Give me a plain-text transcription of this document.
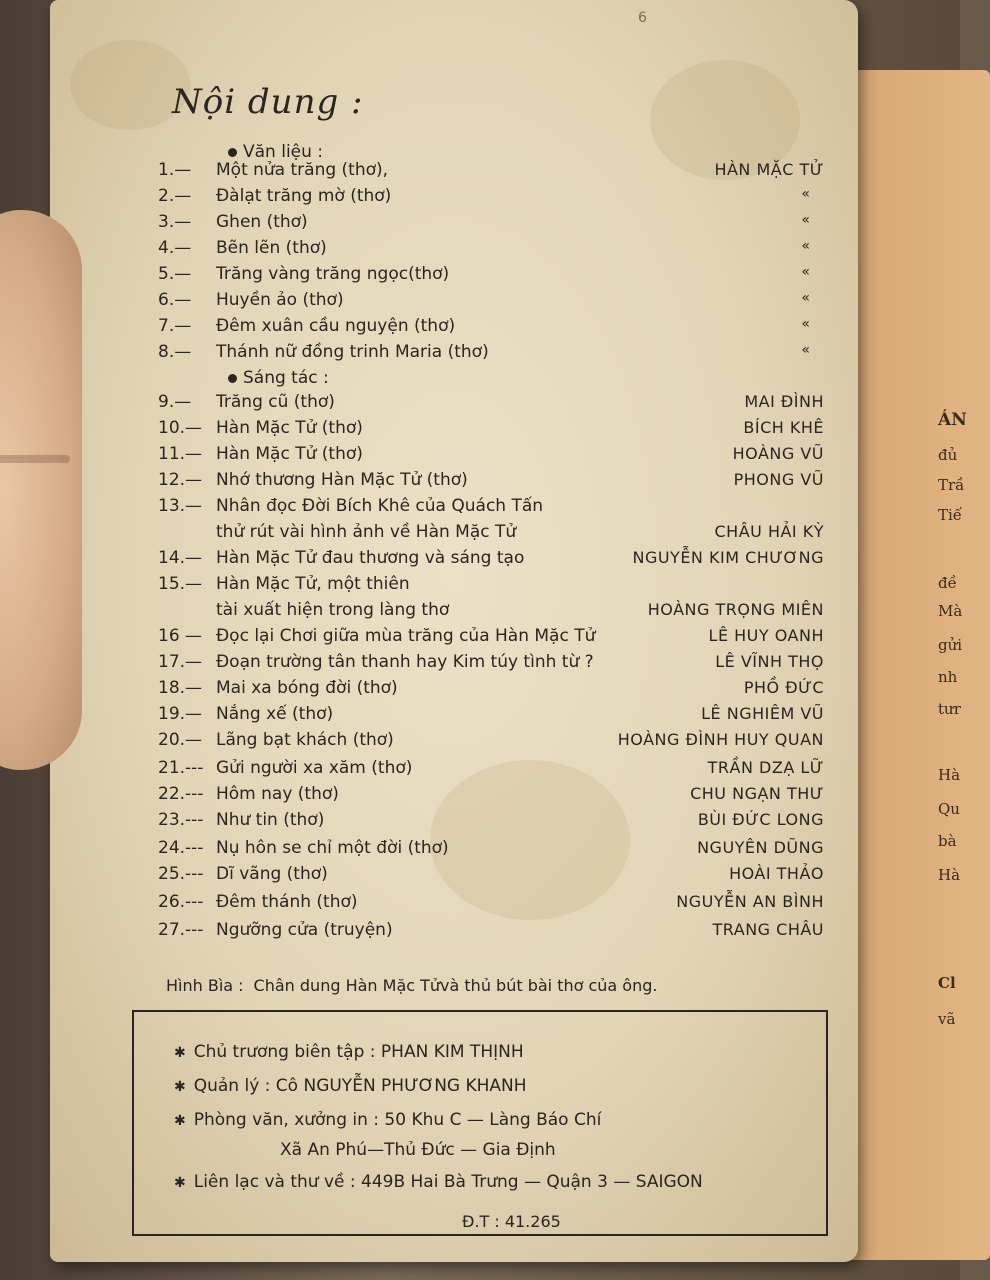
ÁN
đủ
Trầ
Tiế
đề
Mà
gửi
nh
tưr
Hà
Qu
bà
Hà
Cl
vã
6
Nội dung :
Văn liệu :
1.— Một nửa trăng (thơ),	HÀN MẶC TỬ
2.— Đàlạt trăng mờ (thơ)	«
3.— Ghen (thơ)	«
4.— Bẽn lẽn (thơ)	«
5.— Trăng vàng trăng ngọc(thơ)	«
6.— Huyền ảo (thơ)	«
7.— Đêm xuân cầu nguyện (thơ)	«
8.— Thánh nữ đồng trinh Maria (thơ)	«
9.— Trăng cũ (thơ)	MAI ĐÌNH
10.— Hàn Mặc Tử (thơ)	BÍCH KHÊ
11.— Hàn Mặc Tử (thơ)	HOÀNG VŨ
12.— Nhớ thương Hàn Mặc Tử (thơ)	PHONG VŨ
13.— Nhân đọc Đời Bích Khê của Quách Tấn
thử rút vài hình ảnh về Hàn Mặc Tử	CHÂU HẢI KỲ
14.— Hàn Mặc Tử đau thương và sáng tạo	NGUYỄN KIM CHƯƠNG
15.— Hàn Mặc Tử, một thiên
tài xuất hiện trong làng thơ	HOÀNG TRỌNG MIÊN
16 — Đọc lại Chơi giữa mùa trăng của Hàn Mặc Tử	LÊ HUY OANH
17.— Đoạn trường tân thanh hay Kim túy tình từ ?	LÊ VĨNH THỌ
18.— Mai xa bóng đời (thơ)	PHỒ ĐỨC
19.— Nắng xế (thơ)	LÊ NGHIÊM VŨ
20.— Lãng bạt khách (thơ)	HOÀNG ĐÌNH HUY QUAN
21.--- Gửi người xa xăm (thơ)	TRẦN DZẠ LỮ
22.--- Hôm nay (thơ)	CHU NGẠN THƯ
23.--- Như tin (thơ)	BÙI ĐỨC LONG
24.--- Nụ hôn se chỉ một đời (thơ)	NGUYÊN DŨNG
25.--- Dĩ vãng (thơ)	HOÀI THẢO
26.--- Đêm thánh (thơ)	NGUYỄN AN BÌNH
27.--- Ngưỡng cửa (truyện)	TRANG CHÂU
Sáng tác :
Hình Bìa : Chân dung Hàn Mặc Tửvà thủ bút bài thơ của ông.
✱ Chủ trương biên tập : PHAN KIM THỊNH
✱ Quản lý : Cô NGUYỄN PHƯƠNG KHANH
✱ Phòng văn, xưởng in : 50 Khu C — Làng Báo Chí
Xã An Phú—Thủ Đức — Gia Định
✱ Liên lạc và thư về : 449B Hai Bà Trưng — Quận 3 — SAIGON
Đ.T : 41.265
